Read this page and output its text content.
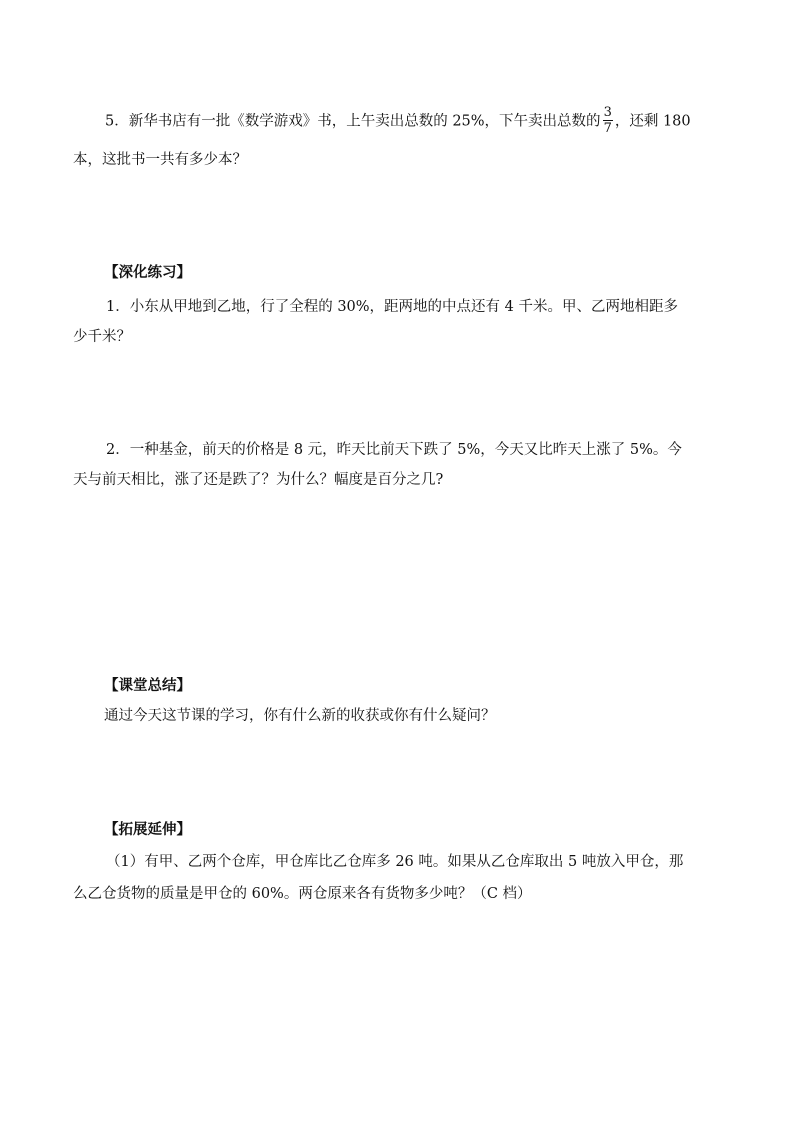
5．新华书店有一批《数学游戏》书，上午卖出总数的 25%，下午卖出总数的 $\frac{3}{7}$ ，还剩 180
本，这批书一共有多少本？
【深化练习】
1．小东从甲地到乙地，行了全程的 30%，距两地的中点还有 4 千米。甲、乙两地相距多
少千米？
2．一种基金，前天的价格是 8 元，昨天比前天下跌了 5%，今天又比昨天上涨了 5%。今
天与前天相比，涨了还是跌了？为什么？幅度是百分之几?
【课堂总结】
通过今天这节课的学习，你有什么新的收获或你有什么疑问？
【拓展延伸】
（1）有甲、乙两个仓库，甲仓库比乙仓库多 26 吨。如果从乙仓库取出 5 吨放入甲仓，那
么乙仓货物的质量是甲仓的 60%。两仓原来各有货物多少吨？（C 档）
